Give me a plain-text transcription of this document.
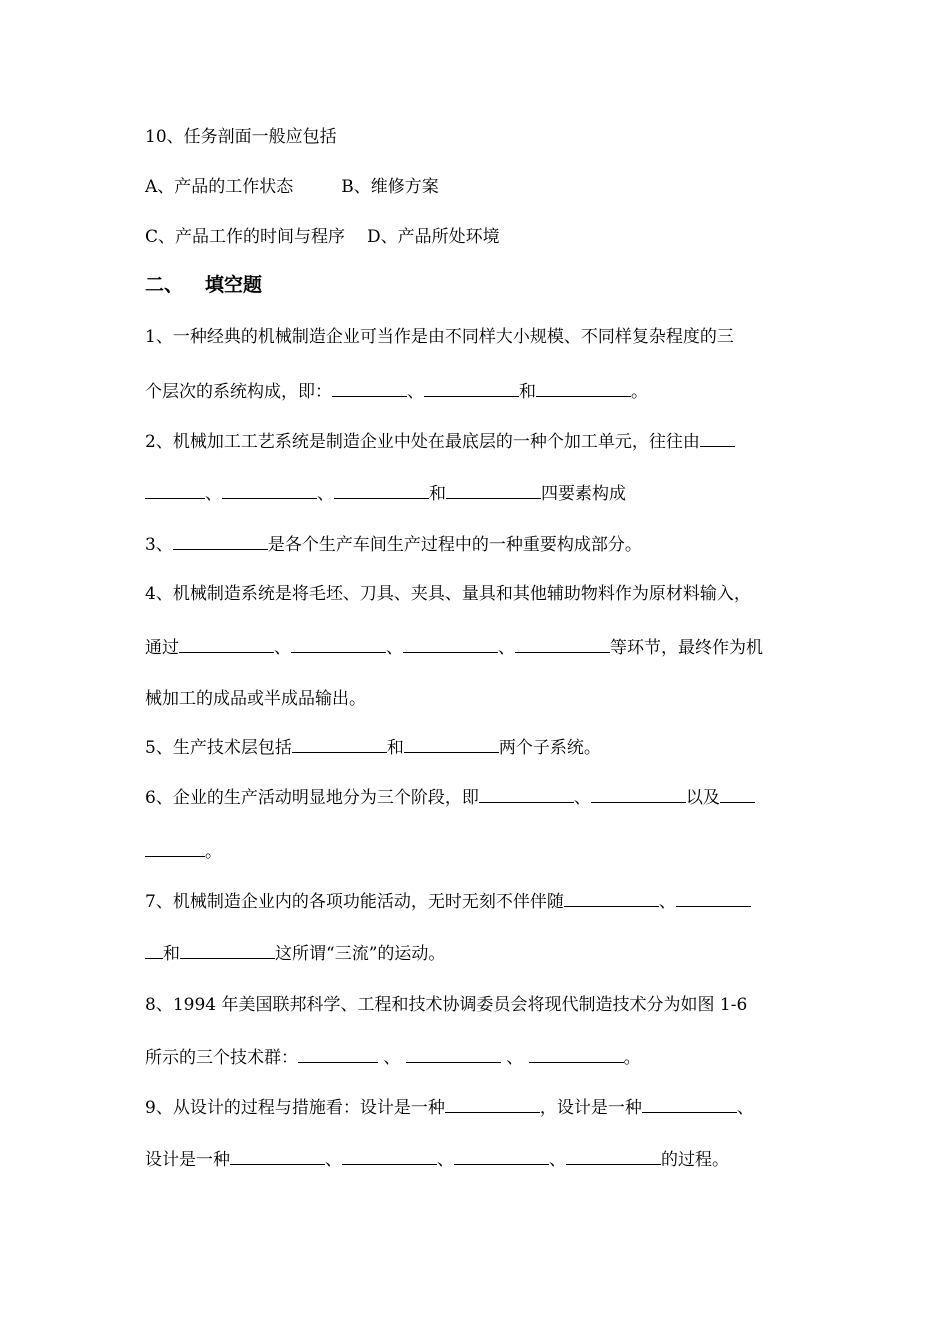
10、任务剖面一般应包括
A、产品的工作状态	B、维修方案
C、产品工作的时间与程序 D、产品所处环境
二、 填空题
1、一种经典的机械制造企业可当作是由不同样大小规模、不同样复杂程度的三
个层次的系统构成，即：	、	和	。
2、机械加工工艺系统是制造企业中处在最底层的一种个加工单元，往往由
、	、	和	四要素构成
3、	是各个生产车间生产过程中的一种重要构成部分。
4、机械制造系统是将毛坯、刀具、夹具、量具和其他辅助物料作为原材料输入，
通过	、	、	、	等环节，最终作为机
械加工的成品或半成品输出。
5、生产技术层包括	和	两个子系统。
6、企业的生产活动明显地分为三个阶段，即	、	以及
。
7、机械制造企业内的各项功能活动，无时无刻不伴伴随	、
和	这所谓“三流”的运动。
8、1994 年美国联邦科学、工程和技术协调委员会将现代制造技术分为如图 1-6
所示的三个技术群：	、	、	。
9、从设计的过程与措施看：设计是一种	，设计是一种	、
设计是一种	、	、	、	的过程。
